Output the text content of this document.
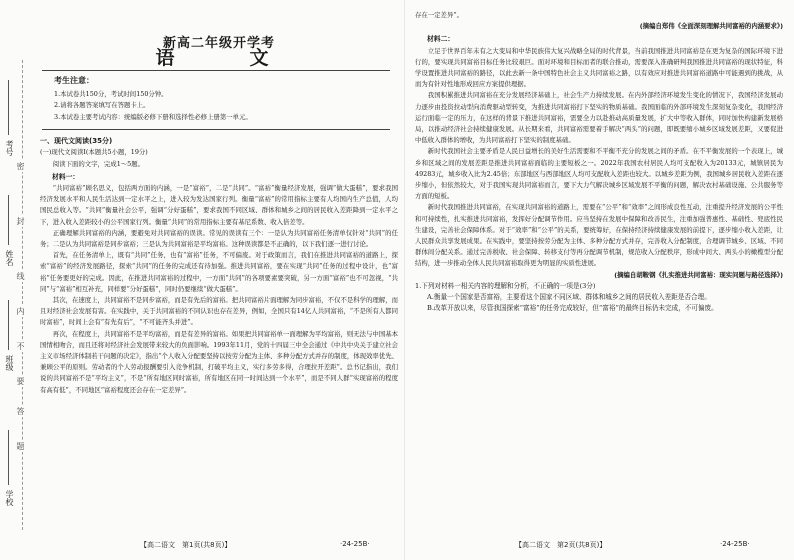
密
封
线
内
不
要
答
题
考号
姓名
班级
学校
新高二年级开学考
语　文
考生注意：

1.本试卷共150分，考试时间150分钟。

2.请将各题答案填写在答题卡上。

3.本试卷主要考试内容：统编版必修下册和选择性必修上册第一单元。

一、现代文阅读(35分)

(一)现代文阅读Ⅰ(本题共5小题，19分)

阅读下面的文字，完成1～5题。

材料一：

“共同富裕”顾名思义，包括两方面的内涵，一是“富裕”，二是“共同”。“富裕”衡量经济发展，强调“做大蛋糕”，要求我国经济发展水平和人民生活达到一定水平之上，进入较为发达国家行列。衡量“富裕”的常用指标主要有人均国内生产总值，人均国民总收入等。“共同”衡量社会公平，强调“分好蛋糕”，要求我国不同区域、群体和城乡之间的居民收入差距降到一定水平之下，进入收入差距较小的公平国家行列。衡量“共同”的常用指标主要有基尼系数、收入倍差等。

正确理解共同富裕的内涵，要避免对共同富裕的误读。常见的误读有三个：一是认为共同富裕任务清单仅针对“共同”的任务；二是认为共同富裕是同步富裕；三是认为共同富裕是平均富裕。这种误读都是不正确的，以下我们逐一进行讨论。

首先，在任务清单上，既有“共同”任务，也有“富裕”任务，不可偏废。对于政策而言，我们在推进共同富裕的道路上，探索“富裕”的经济发展路径，探索“共同”的任务的完成还有待加强。推进共同富裕，要在实现“共同”任务的过程中设计，也“富裕”任务要更好的完成。因此，在推进共同富裕的过程中，一方面“共同”的各项要素要突破，另一方面“富裕”也不可忽视，“共同”与“富裕”相互补充，同样要“分好蛋糕”，同时仍要继续“做大蛋糕”。

其次，在速度上，共同富裕不是同步富裕，而是有先后的富裕。把共同富裕片面理解为同步富裕，不仅不是科学的理解，而且对经济社会发展有害。在实践中，关于共同富裕的不同认识也存在差异，例如，全国只有14亿人共同富裕，“不是所有人都同时富裕”，时间上会有“有先有后”，“不可能齐头并进”。

再次，在程度上，共同富裕不是平均富裕，而是有差异的富裕。如果把共同富裕单一面理解为平均富裕，则无法与中国基本国情相吻合，而且还将对经济社会发展带来较大的负面影响。1993年11月，党的十四届三中全会通过《中共中央关于建立社会主义市场经济体制若干问题的决定》，指出“个人收入分配要坚持以按劳分配为主体、多种分配方式并存的制度，体现效率优先、兼顾公平的原则。劳动者的个人劳动报酬要引入竞争机制，打破平均主义，实行多劳多得，合理拉开差距”。总书记指出，我们说的共同富裕不是“平均主义”，不是“所有地区同时富裕，所有地区在同一时间达到一个水平”，而是不同人群“实现富裕的程度有高有低”，不同地区“富裕程度还会存在一定差异”。

存在一定差异”。

(摘编自郑伟《全面深刻理解共同富裕的内涵要求》)

材料二：

立足于世界百年未有之大变局和中华民族伟大复兴战略全局的时代背景，当前我国推进共同富裕是在更为复杂的国际环境下进行的，要实现共同富裕目标任务比较艰巨。面对环境和目标而者的联合推动，需要深入准确研判我国推进共同富裕的现状特征，科学设置推进共同富裕的路径，以此去新一条中国特色社会主义共同富裕之路，以有效应对推进共同富裕道路中可能遇到的挑战，从而为有针对性地形成回应方案提供理据。

我国积累推进共同富裕在充分发展经济基础上，社会生产力持续发展。在内外部经济环境发生变化的情况下，我国经济发展动力逐步由投资拉动型向消费驱动型转变，为推进共同富裕打下坚实的物质基础。我国面临的外部环境发生深刻复杂变化，我国经济运行面临一定的压力，在这样的背景下推进共同富裕，需要全力以赴推动高质量发展，扩大中等收入群体，同时加快构建新发展格局，以推动经济社会持续健康发展。从长期来看，共同富裕需要着手解决“两头”的问题，即既要缩小城乡区域发展差距，又要促进中低收入群体的增收，为共同富裕打下坚实的制度基础。

新时代我国社会主要矛盾是人民日益增长的美好生活需要和不平衡不充分的发展之间的矛盾。在不平衡发展的一个表现上，城乡和区域之间的发展差距是推进共同富裕面临的主要短板之一。2022年我国农村居民人均可支配收入为20133元，城镇居民为49283元，城乡收入比为2.45倍；东部地区与西部地区人均可支配收入差距也较大。以城乡差距为例，我国城乡居民收入差距在逐步缩小，但依然较大，对于我国实现共同富裕而言，要下大力气解决城乡区域发展不平衡的问题，解决农村基础设施、公共服务等方面的短板。

新时代我国推进共同富裕，在实现共同富裕的道路上，需要在“公平”和“效率”之间形成良性互动，注重提升经济发展的公平性和可持续性，扎实推进共同富裕，发挥好分配调节作用。应当坚持在发展中保障和改善民生，注重加强普惠性、基础性、兜底性民生建设，完善社会保障体系。对于“效率”和“公平”的关系，要统筹好，在保持经济持续健康发展的前提下，逐步缩小收入差距，让人民群众共享发展成果。在实践中，要坚持按劳分配为主体、多种分配方式并存，完善收入分配制度，合理调节城乡、区域、不同群体间分配关系。通过完善税收、社会保障、转移支付等再分配调节机制，规范收入分配秩序，形成中间大、两头小的橄榄型分配结构，进一步推动全体人民共同富裕取得更为明显的实质性进展。

(摘编自胡鞍钢《扎实推进共同富裕：现实问题与路径选择》)

1.下列对材料一相关内容的理解和分析，不正确的一项是(3分)

A.衡量一个国家是否富裕，主要看这个国家不同区域、群体和城乡之间的居民收入差距是否合理。

B.改革开放以来，尽管我国探索“富裕”的任务完成较好，但“富裕”的最终目标仍未完成，不可偏废。

【高二语文　第1页(共8页)】	·24-25B·	【高二语文　第2页(共8页)】	·24-25B·
